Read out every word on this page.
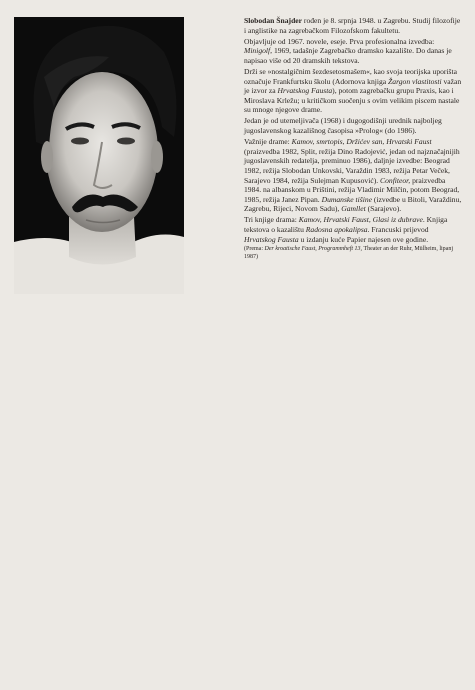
Slobodan Šnajder rođen je 8. srpnja 1948. u Zagrebu. Studij filozofije i anglistike na zagrebačkom Filozofskom fakultetu.

Objavljuje od 1967. novele, eseje. Prva profesionalna izvedba: Minigolf, 1969, tadašnje Zagrebačko dramsko kazalište. Do danas je napisao više od 20 dramskih tekstova.

Drži se »nostalgičnim šezdesetosmašem«, kao svoja teorijska uporišta označuje Frankfurtsku školu (Adornova knjiga Žargon vlastitosti važan je izvor za Hrvatskog Fausta), potom zagrebačku grupu Praxis, kao i Miroslava Krležu; u kritičkom suočenju s ovim velikim piscem nastale su mnoge njegove drame.

Jedan je od utemeljivača (1968) i dugogodišnji urednik najboljeg jugoslavenskog kazališnog časopisa »Prolog« (do 1986).

Važnije drame: Kamov, smrtopis, Držićev san, Hrvatski Faust (praizvedba 1982, Split, režija Dino Radojević, jedan od najznačajnijih jugoslavenskih redatelja, preminuo 1986), daljnje izvedbe: Beograd 1982, režija Slobodan Unkovski, Varaždin 1983, režija Petar Veček, Sarajevo 1984, režija Sulejman Kupusović). Confiteor, praizvedba 1984. na albanskom u Prištini, režija Vladimir Milčin, potom Beograd, 1985, režija Janez Pipan. Dumanske tišine (izvedbe u Bitoli, Varaždinu, Zagrebu, Rijeci, Novom Sadu), Gamllet (Sarajevo).

Tri knjige drama: Kamov, Hrvatski Faust, Glasi iz dubrave. Knjiga tekstova o kazalištu Radosna apokalipsa. Francuski prijevod Hrvatskog Fausta u izdanju kuće Papier najesen ove godine.

(Prema: Der kroatische Faust, Programmheft 13, Theater an der Ruhr, Mülheim, lipanj 1987)
